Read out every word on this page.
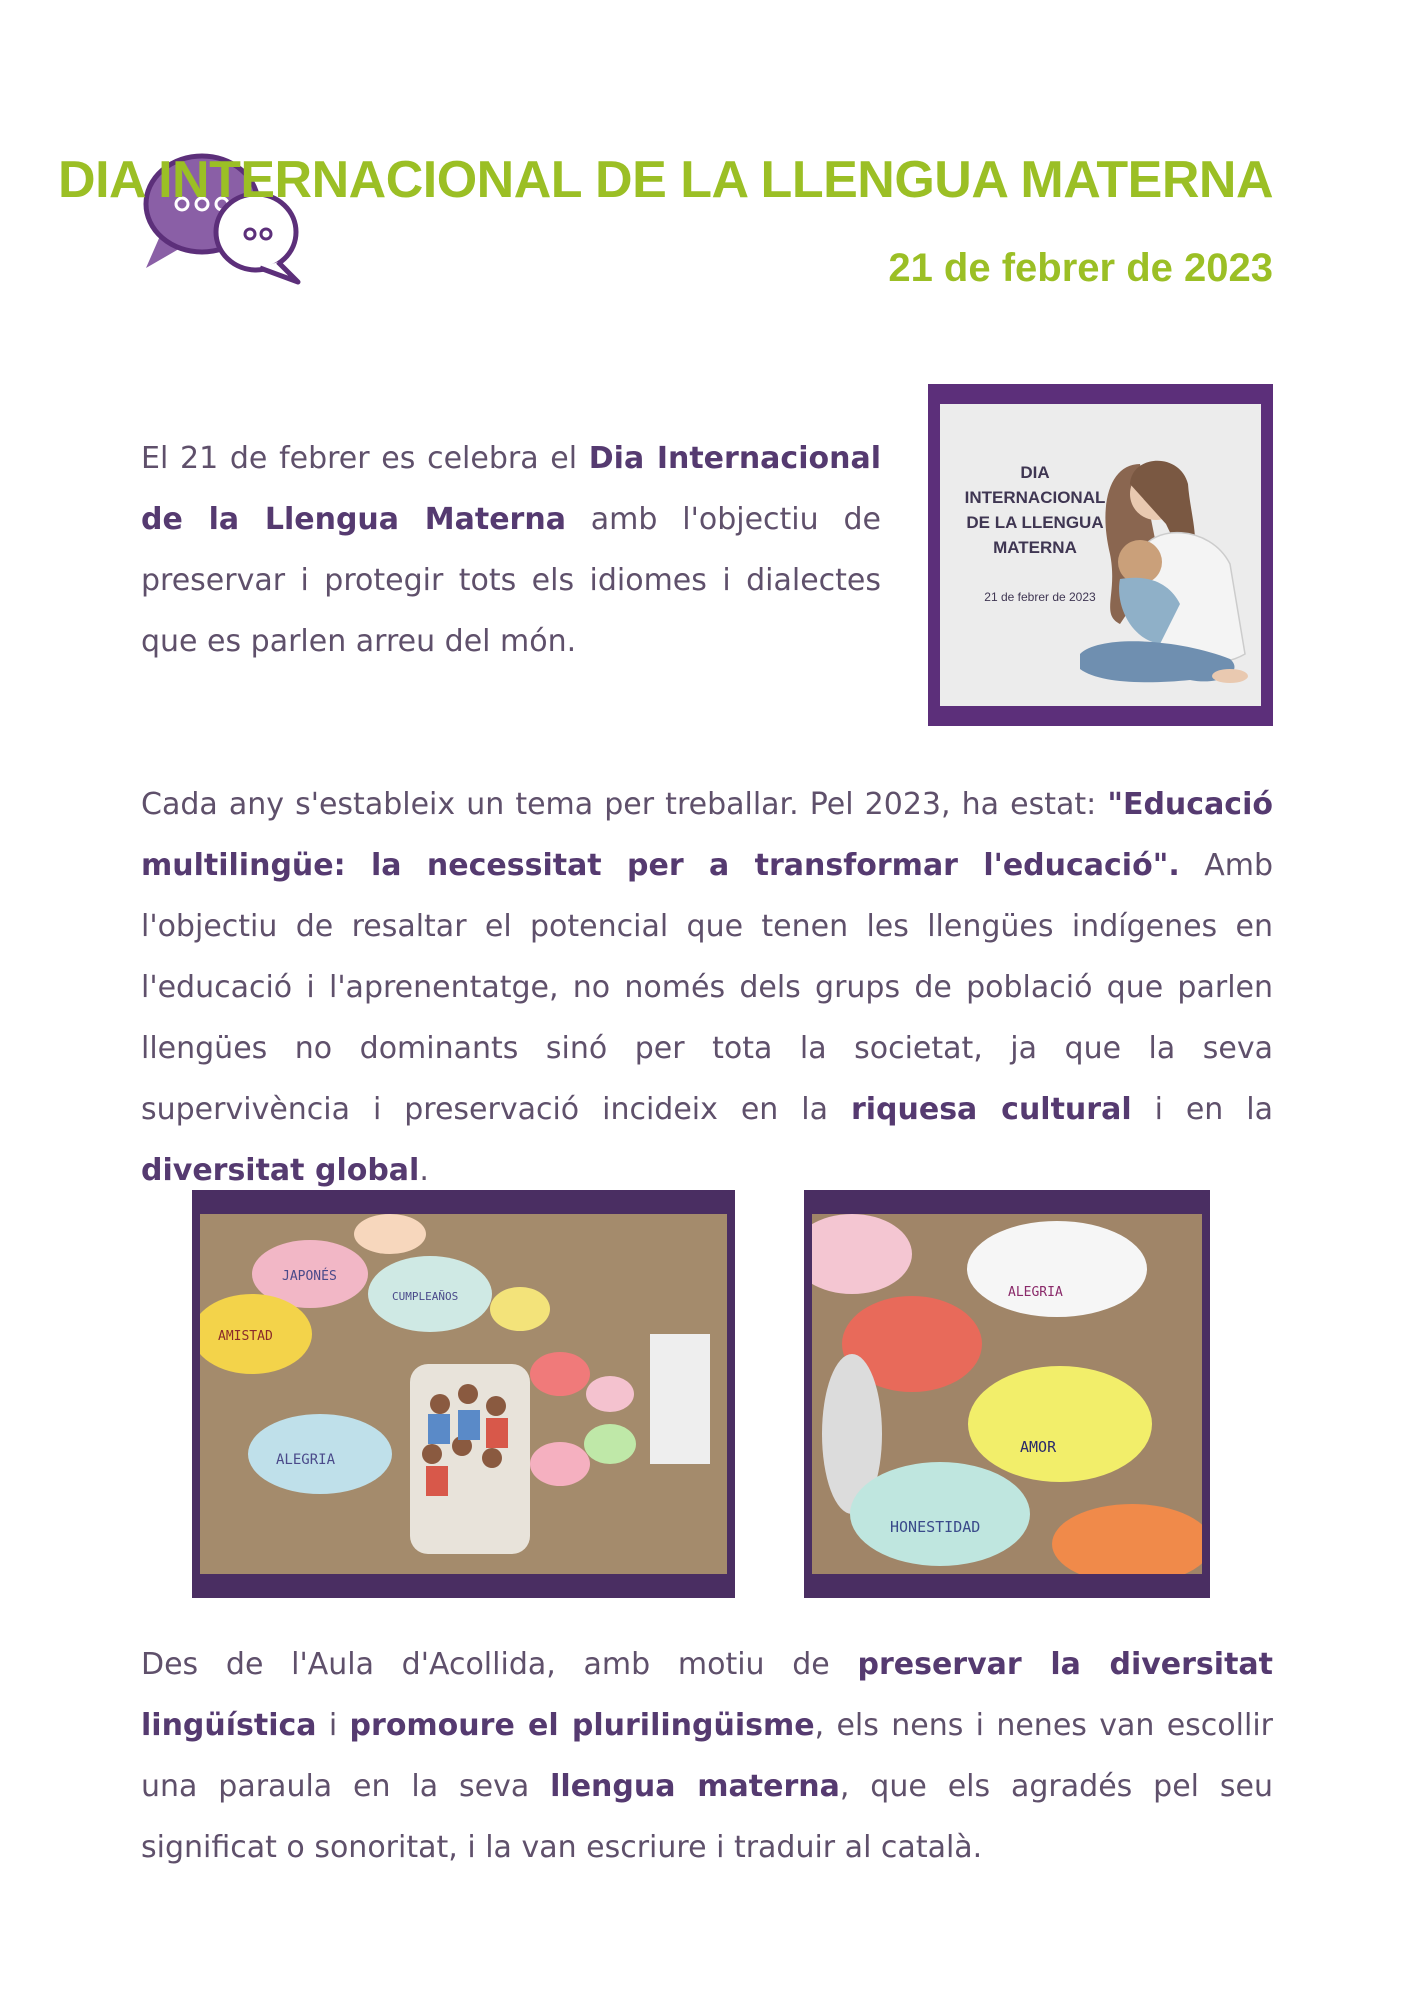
DIA INTERNACIONAL DE LA LLENGUA MATERNA

21 de febrer de 2023

El 21 de febrer es celebra el Dia Internacional de la Llengua Materna amb l'objectiu de preservar i protegir tots els idiomes i dialectes que es parlen arreu del món.

DIA
INTERNACIONAL
DE LA LLENGUA
MATERNA

21 de febrer de 2023

Cada any s'estableix un tema per treballar. Pel 2023, ha estat: "Educació multilingüe: la necessitat per a transformar l'educació". Amb l'objectiu de resaltar el potencial que tenen les llengües indígenes en l'educació i l'aprenentatge, no només dels grups de població que parlen llengües no dominants sinó per tota la societat, ja que la seva supervivència i preservació incideix en la riquesa cultural i en la diversitat global.

JAPONÉS
AMISTAD
CUMPLEAÑOS
ALEGRIA
ALEGRIA
AMOR
HONESTIDAD

Des de l'Aula d'Acollida, amb motiu de preservar la diversitat lingüística i promoure el plurilingüisme, els nens i nenes van escollir una paraula en la seva llengua materna, que els agradés pel seu significat o sonoritat, i la van escriure i traduir al català.
